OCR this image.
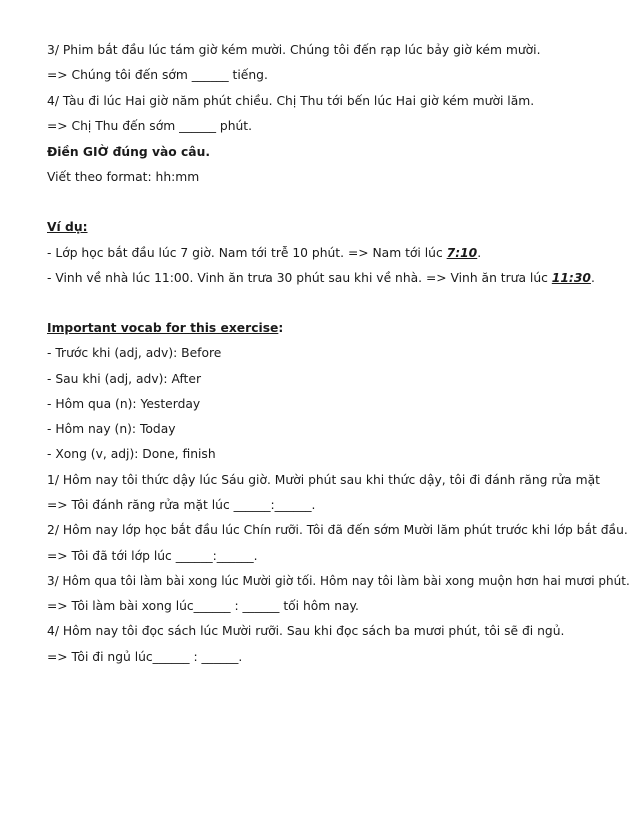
3/ Phim bắt đầu lúc tám giờ kém mười. Chúng tôi đến rạp lúc bảy giờ kém mười.
=> Chúng tôi đến sớm ______ tiếng.
4/ Tàu đi lúc Hai giờ năm phút chiều. Chị Thu tới bến lúc Hai giờ kém mười lăm.
=> Chị Thu đến sớm ______ phút.
Điền GIỜ đúng vào câu.
Viết theo format: hh:mm
Ví dụ:
- Lớp học bắt đầu lúc 7 giờ. Nam tới trễ 10 phút. => Nam tới lúc 7:10.
- Vinh về nhà lúc 11:00. Vinh ăn trưa 30 phút sau khi về nhà. => Vinh ăn trưa lúc 11:30.
Important vocab for this exercise:
- Trước khi (adj, adv): Before
- Sau khi (adj, adv): After
- Hôm qua (n): Yesterday
- Hôm nay (n): Today
- Xong (v, adj): Done, finish
1/ Hôm nay tôi thức dậy lúc Sáu giờ. Mười phút sau khi thức dậy, tôi đi đánh răng rửa mặt
=> Tôi đánh răng rửa mặt lúc ______:______.
2/ Hôm nay lớp học bắt đầu lúc Chín rưỡi. Tôi đã đến sớm Mười lăm phút trước khi lớp bắt đầu.
=> Tôi đã tới lớp lúc ______:______.
3/ Hôm qua tôi làm bài xong lúc Mười giờ tối. Hôm nay tôi làm bài xong muộn hơn hai mươi phút.
=> Tôi làm bài xong lúc______ : ______ tối hôm nay.
4/ Hôm nay tôi đọc sách lúc Mười rưỡi. Sau khi đọc sách ba mươi phút, tôi sẽ đi ngủ.
=> Tôi đi ngủ lúc______ : ______.
